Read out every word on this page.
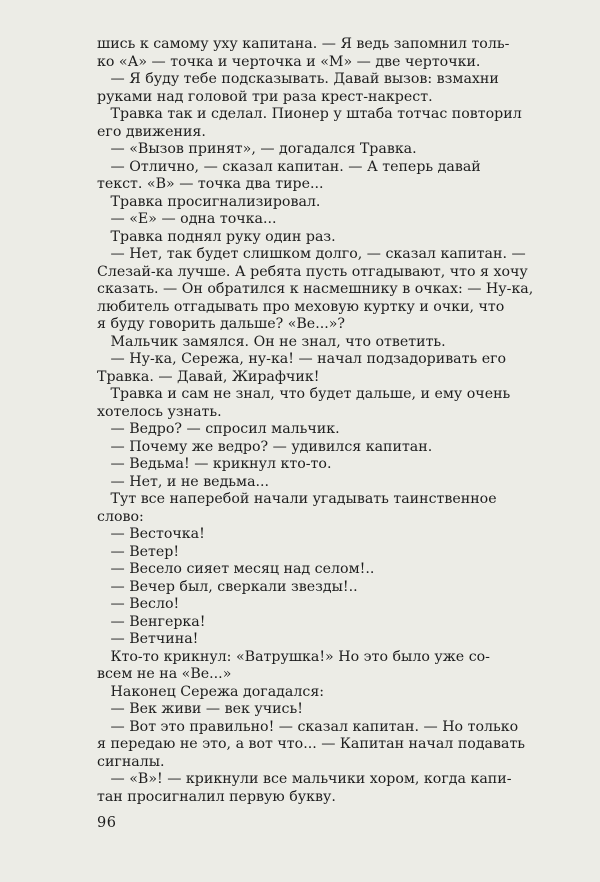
шись к самому уху капитана. — Я ведь запомнил толь-

ко «А» — точка и черточка и «М» — две черточки.

— Я буду тебе подсказывать. Давай вызов: взмахни

руками над головой три раза крест-накрест.

Травка так и сделал. Пионер у штаба тотчас повторил

его движения.

— «Вызов принят», — догадался Травка.

— Отлично, — сказал капитан. — А теперь давай

текст. «В» — точка два тире...

Травка просигнализировал.

— «Е» — одна точка...

Травка поднял руку один раз.

— Нет, так будет слишком долго, — сказал капитан. —

Слезай-ка лучше. А ребята пусть отгадывают, что я хочу

сказать. — Он обратился к насмешнику в очках: — Ну-ка,

любитель отгадывать про меховую куртку и очки, что

я буду говорить дальше? «Ве...»?

Мальчик замялся. Он не знал, что ответить.

— Ну-ка, Сережа, ну-ка! — начал подзадоривать его

Травка. — Давай, Жирафчик!

Травка и сам не знал, что будет дальше, и ему очень

хотелось узнать.

— Ведро? — спросил мальчик.

— Почему же ведро? — удивился капитан.

— Ведьма! — крикнул кто-то.

— Нет, и не ведьма...

Тут все наперебой начали угадывать таинственное

слово:

— Весточка!

— Ветер!

— Весело сияет месяц над селом!..

— Вечер был, сверкали звезды!..

— Весло!

— Венгерка!

— Ветчина!

Кто-то крикнул: «Ватрушка!» Но это было уже со-

всем не на «Ве...»

Наконец Сережа догадался:

— Век живи — век учись!

— Вот это правильно! — сказал капитан. — Но только

я передаю не это, а вот что... — Капитан начал подавать

сигналы.

— «В»! — крикнули все мальчики хором, когда капи-

тан просигналил первую букву.

96
